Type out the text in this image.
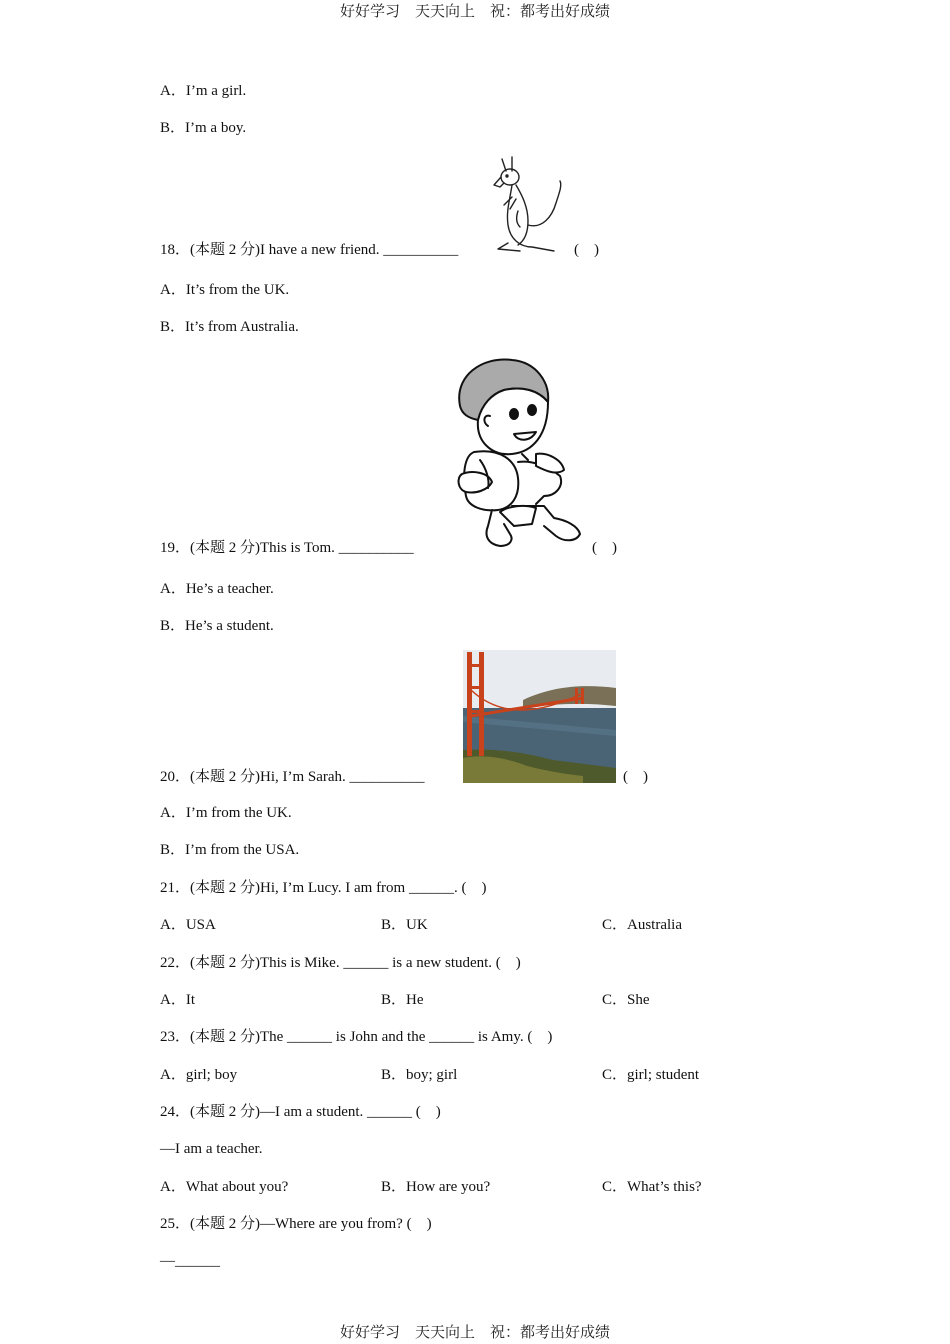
好好学习　天天向上　祝：都考出好成绩
A．I’m a girl.
B．I’m a boy.
18．(本题 2 分)I have a new friend. __________	(　)
A．It’s from the UK.
B．It’s from Australia.
19．(本题 2 分)This is Tom. __________	(　)
A．He’s a teacher.
B．He’s a student.
20．(本题 2 分)Hi, I’m Sarah. __________	(　)
A．I’m from the UK.
B．I’m from the USA.
21．(本题 2 分)Hi, I’m Lucy. I am from ______. (　)
A．USA	B．UK	C．Australia
22．(本题 2 分)This is Mike. ______ is a new student. (　)
A．It	B．He	C．She
23．(本题 2 分)The ______ is John and the ______ is Amy. (　)
A．girl; boy	B．boy; girl	C．girl; student
24．(本题 2 分)—I am a student. ______ (　)
—I am a teacher.
A．What about you?	B．How are you?	C．What’s this?
25．(本题 2 分)—Where are you from? (　)
—______
好好学习　天天向上　祝：都考出好成绩
